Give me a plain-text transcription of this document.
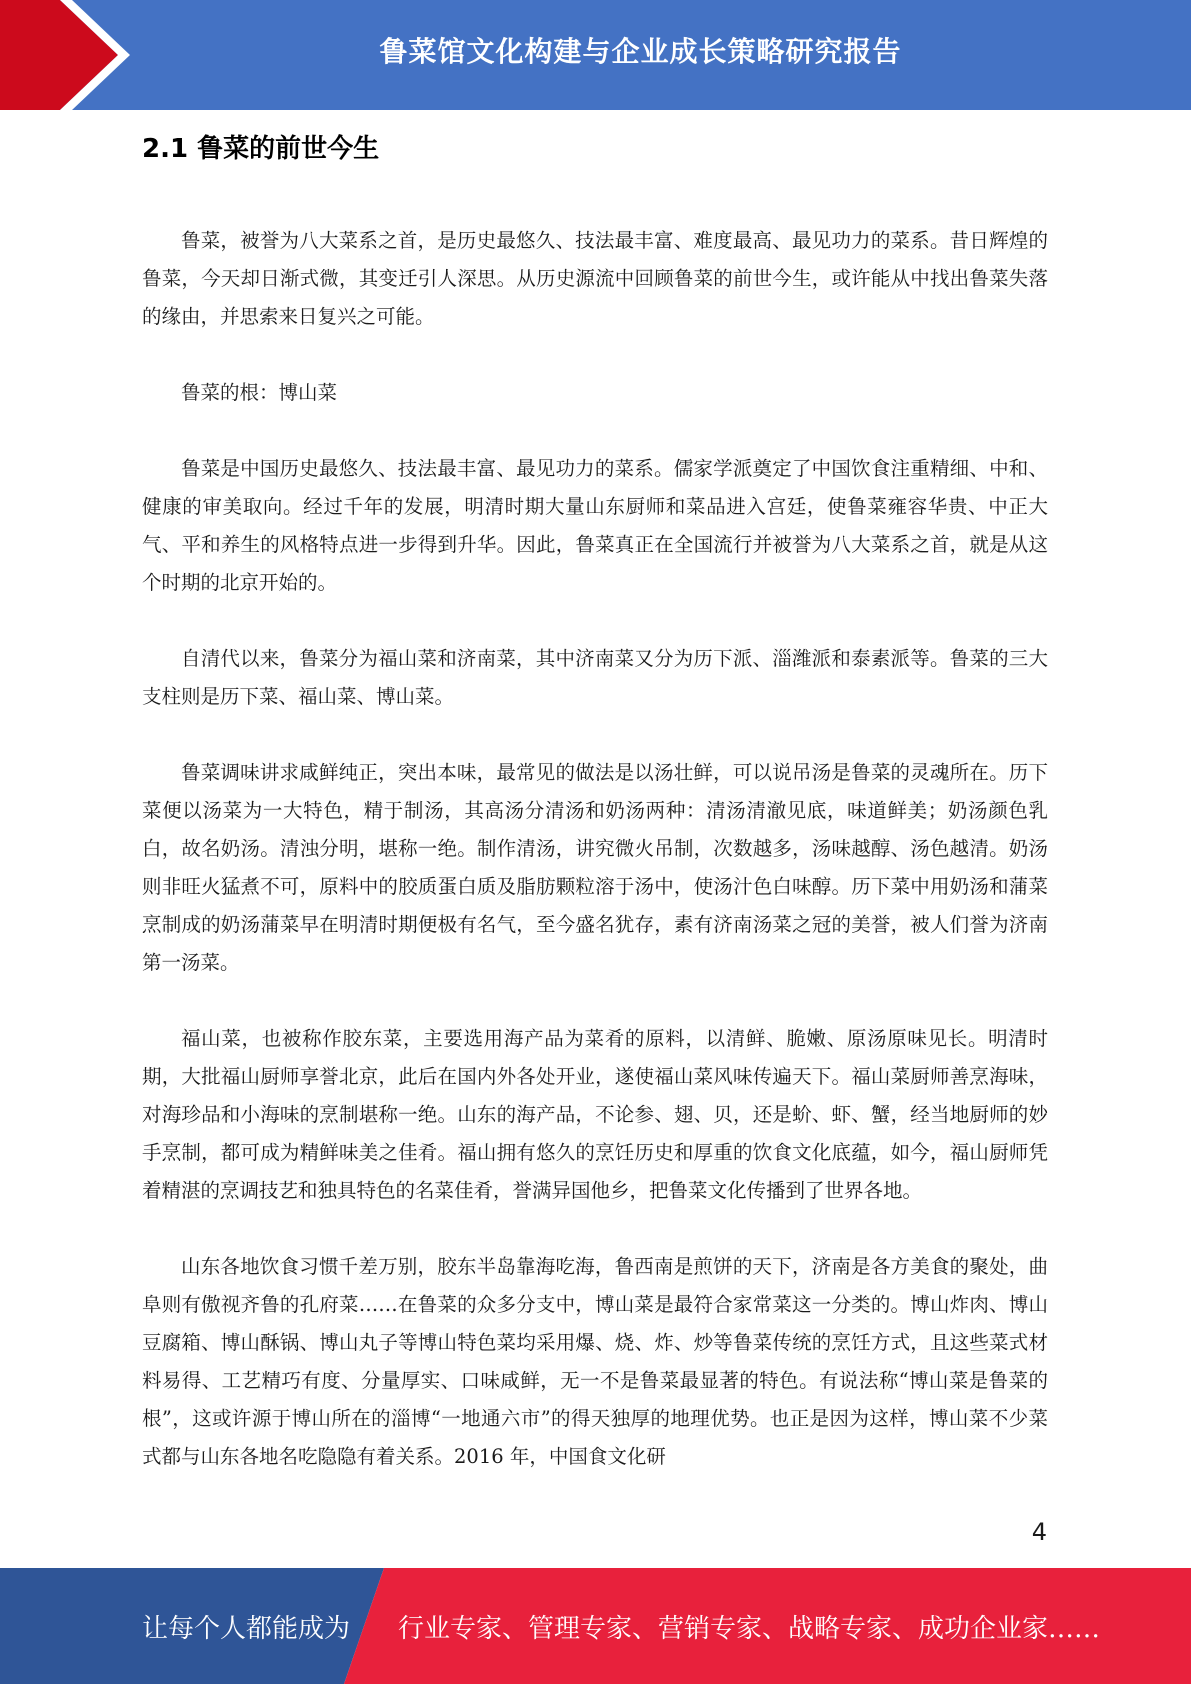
鲁菜馆文化构建与企业成长策略研究报告
2.1 鲁菜的前世今生

鲁菜，被誉为八大菜系之首，是历史最悠久、技法最丰富、难度最高、最见功力的菜系。昔日辉煌的鲁菜，今天却日渐式微，其变迁引人深思。从历史源流中回顾鲁菜的前世今生，或许能从中找出鲁菜失落的缘由，并思索来日复兴之可能。

鲁菜的根：博山菜

鲁菜是中国历史最悠久、技法最丰富、最见功力的菜系。儒家学派奠定了中国饮食注重精细、中和、健康的审美取向。经过千年的发展，明清时期大量山东厨师和菜品进入宫廷，使鲁菜雍容华贵、中正大气、平和养生的风格特点进一步得到升华。因此，鲁菜真正在全国流行并被誉为八大菜系之首，就是从这个时期的北京开始的。

自清代以来，鲁菜分为福山菜和济南菜，其中济南菜又分为历下派、淄潍派和泰素派等。鲁菜的三大支柱则是历下菜、福山菜、博山菜。

鲁菜调味讲求咸鲜纯正，突出本味，最常见的做法是以汤壮鲜，可以说吊汤是鲁菜的灵魂所在。历下菜便以汤菜为一大特色，精于制汤，其高汤分清汤和奶汤两种：清汤清澈见底，味道鲜美；奶汤颜色乳白，故名奶汤。清浊分明，堪称一绝。制作清汤，讲究微火吊制，次数越多，汤味越醇、汤色越清。奶汤则非旺火猛煮不可，原料中的胶质蛋白质及脂肪颗粒溶于汤中，使汤汁色白味醇。历下菜中用奶汤和蒲菜烹制成的奶汤蒲菜早在明清时期便极有名气，至今盛名犹存，素有济南汤菜之冠的美誉，被人们誉为济南第一汤菜。

福山菜，也被称作胶东菜，主要选用海产品为菜肴的原料，以清鲜、脆嫩、原汤原味见长。明清时期，大批福山厨师享誉北京，此后在国内外各处开业，遂使福山菜风味传遍天下。福山菜厨师善烹海味，对海珍品和小海味的烹制堪称一绝。山东的海产品，不论参、翅、贝，还是蚧、虾、蟹，经当地厨师的妙手烹制，都可成为精鲜味美之佳肴。福山拥有悠久的烹饪历史和厚重的饮食文化底蕴，如今，福山厨师凭着精湛的烹调技艺和独具特色的名菜佳肴，誉满异国他乡，把鲁菜文化传播到了世界各地。

山东各地饮食习惯千差万别，胶东半岛靠海吃海，鲁西南是煎饼的天下，济南是各方美食的聚处，曲阜则有傲视齐鲁的孔府菜……在鲁菜的众多分支中，博山菜是最符合家常菜这一分类的。博山炸肉、博山豆腐箱、博山酥锅、博山丸子等博山特色菜均采用爆、烧、炸、炒等鲁菜传统的烹饪方式，且这些菜式材料易得、工艺精巧有度、分量厚实、口味咸鲜，无一不是鲁菜最显著的特色。有说法称“博山菜是鲁菜的根”，这或许源于博山所在的淄博“一地通六市”的得天独厚的地理优势。也正是因为这样，博山菜不少菜式都与山东各地名吃隐隐有着关系。2016 年，中国食文化研

4
让每个人都能成为 行业专家、管理专家、营销专家、战略专家、成功企业家……
